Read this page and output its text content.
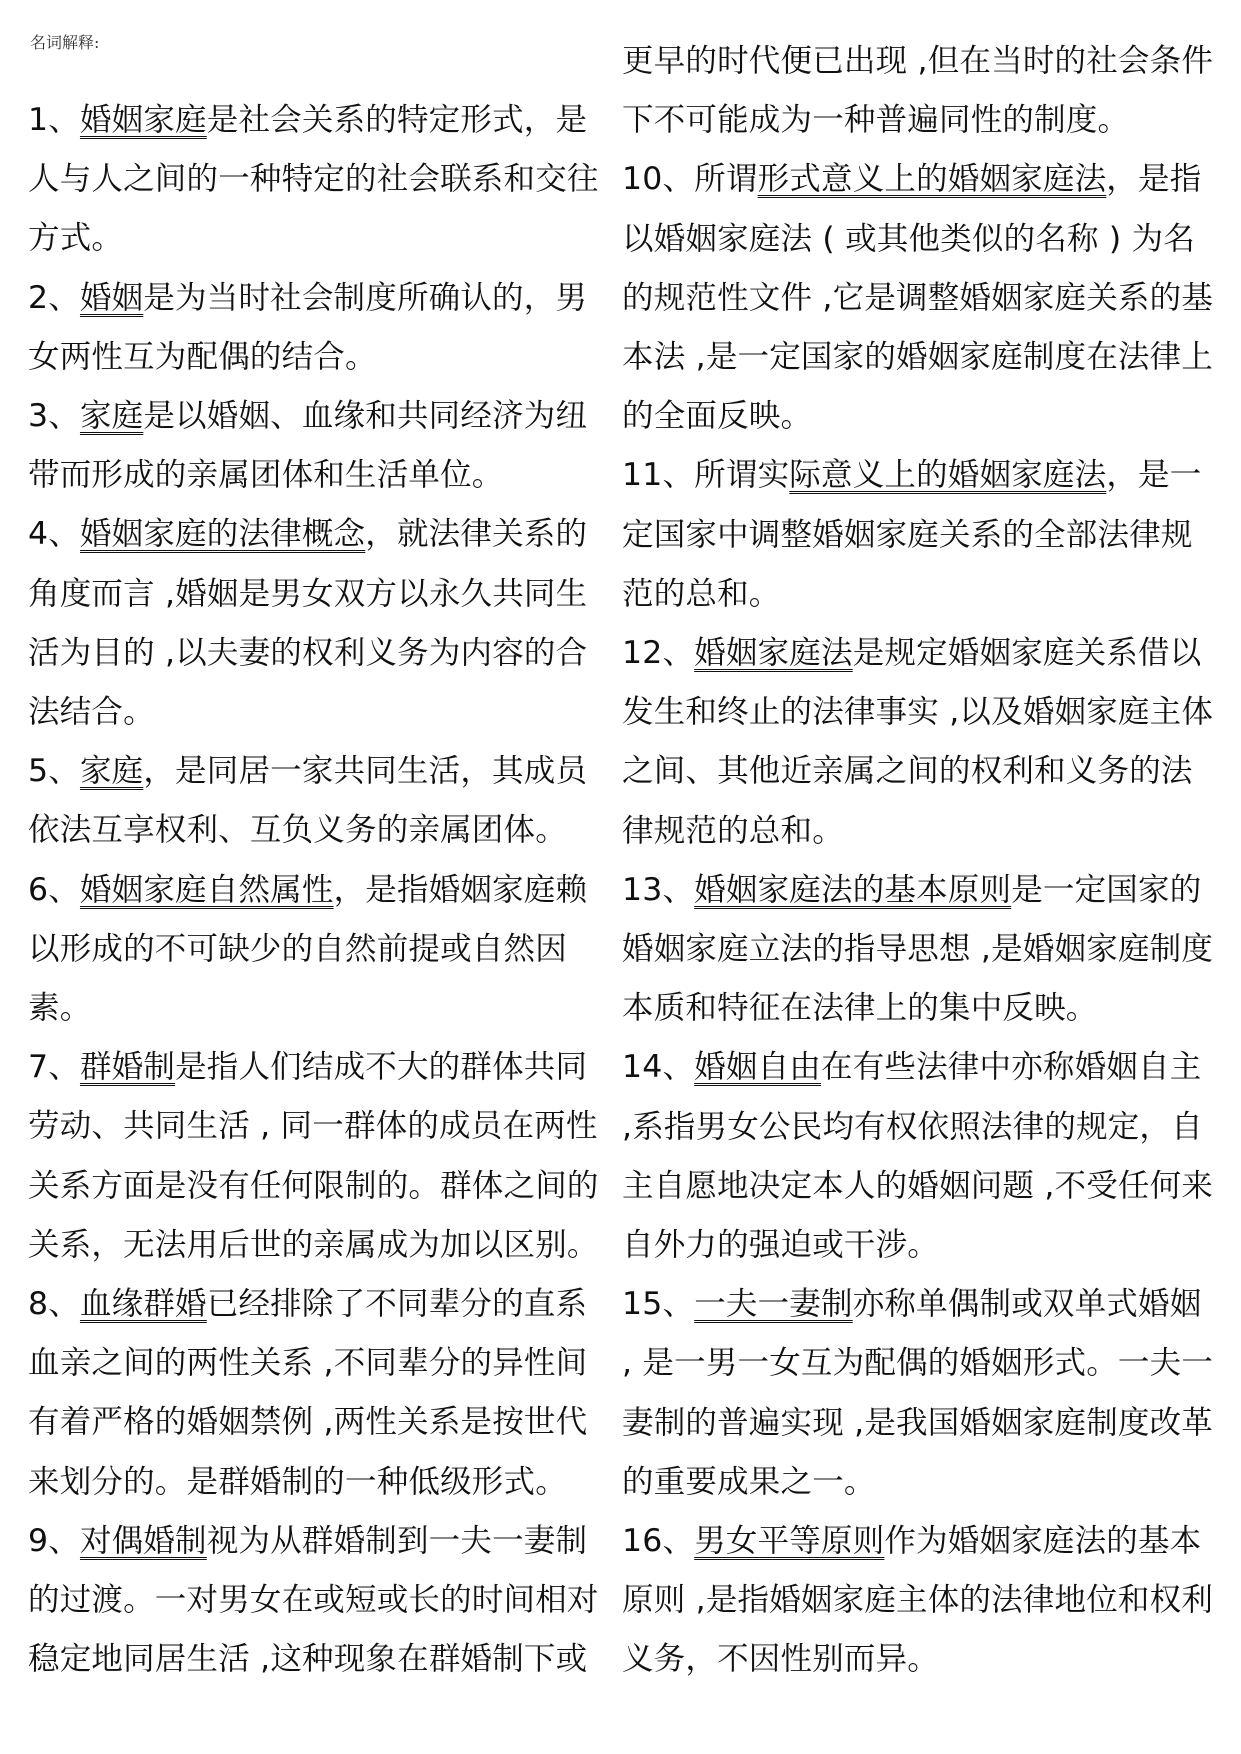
名词解释:

1、婚姻家庭是社会关系的特定形式，是人与人之间的一种特定的社会联系和交往方式。

2、婚姻是为当时社会制度所确认的，男女两性互为配偶的结合。

3、家庭是以婚姻、血缘和共同经济为纽带而形成的亲属团体和生活单位。

4、婚姻家庭的法律概念，就法律关系的角度而言 ,婚姻是男女双方以永久共同生活为目的 ,以夫妻的权利义务为内容的合法结合。

5、家庭，是同居一家共同生活，其成员依法互享权利、互负义务的亲属团体。

6、婚姻家庭自然属性，是指婚姻家庭赖以形成的不可缺少的自然前提或自然因素。

7、群婚制是指人们结成不大的群体共同劳动、共同生活 , 同一群体的成员在两性关系方面是没有任何限制的。群体之间的关系，无法用后世的亲属成为加以区别。

8、血缘群婚已经排除了不同辈分的直系血亲之间的两性关系 ,不同辈分的异性间有着严格的婚姻禁例 ,两性关系是按世代来划分的。是群婚制的一种低级形式。

9、对偶婚制视为从群婚制到一夫一妻制的过渡。一对男女在或短或长的时间相对稳定地同居生活 ,这种现象在群婚制下或

更早的时代便已出现 ,但在当时的社会条件下不可能成为一种普遍同性的制度。

10、所谓形式意义上的婚姻家庭法，是指以婚姻家庭法 ( 或其他类似的名称 ) 为名的规范性文件 ,它是调整婚姻家庭关系的基本法 ,是一定国家的婚姻家庭制度在法律上的全面反映。

11、所谓实际意义上的婚姻家庭法，是一定国家中调整婚姻家庭关系的全部法律规范的总和。

12、婚姻家庭法是规定婚姻家庭关系借以发生和终止的法律事实 ,以及婚姻家庭主体之间、其他近亲属之间的权利和义务的法律规范的总和。

13、婚姻家庭法的基本原则是一定国家的婚姻家庭立法的指导思想 ,是婚姻家庭制度本质和特征在法律上的集中反映。

14、婚姻自由在有些法律中亦称婚姻自主 ,系指男女公民均有权依照法律的规定，自主自愿地决定本人的婚姻问题 ,不受任何来自外力的强迫或干涉。

15、一夫一妻制亦称单偶制或双单式婚姻 , 是一男一女互为配偶的婚姻形式。一夫一妻制的普遍实现 ,是我国婚姻家庭制度改革的重要成果之一。

16、男女平等原则作为婚姻家庭法的基本原则 ,是指婚姻家庭主体的法律地位和权利义务，不因性别而异。
